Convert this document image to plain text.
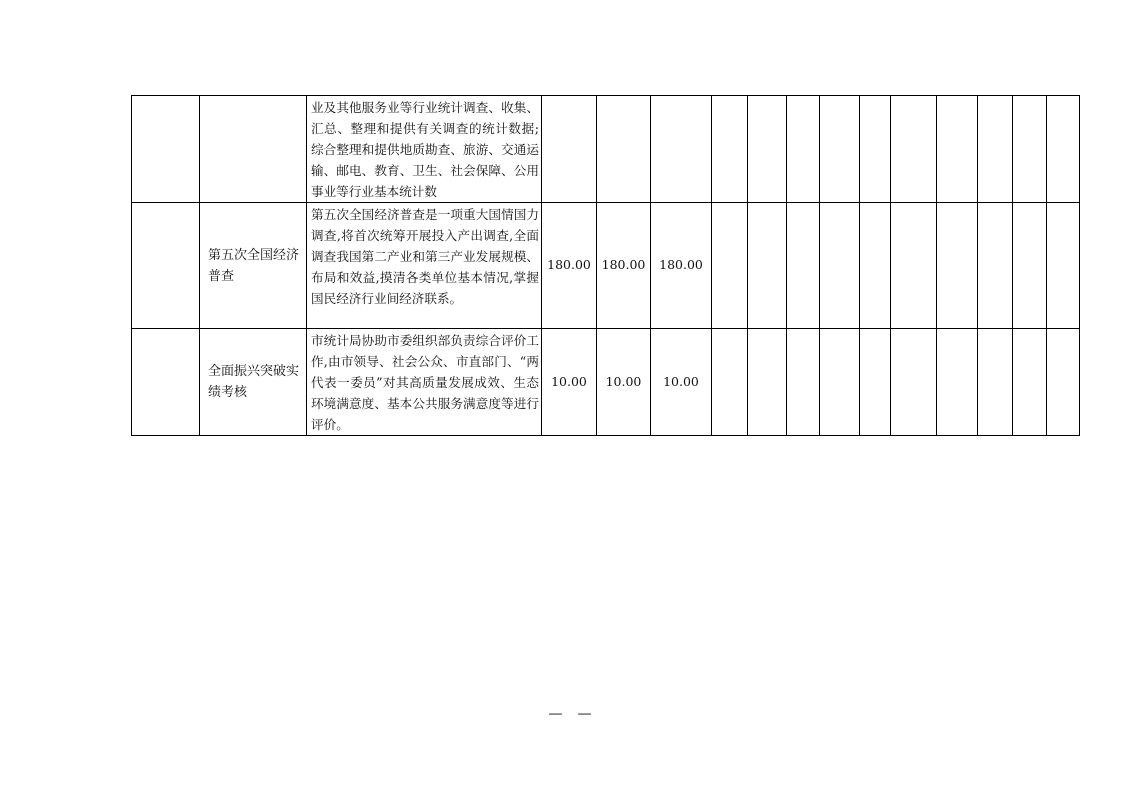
		业及其他服务业等行业统计调查、收集、汇总、整理和提供有关调查的统计数据;综合整理和提供地质勘查、旅游、交通运输、邮电、教育、卫生、社会保障、公用事业等行业基本统计数													
	第五次全国经济普查	第五次全国经济普查是一项重大国情国力调查,将首次统筹开展投入产出调查,全面调查我国第二产业和第三产业发展规模、布局和效益,摸清各类单位基本情况,掌握国民经济行业间经济联系。	180.00	180.00	180.00										
	全面振兴突破实绩考核	市统计局协助市委组织部负责综合评价工作,由市领导、社会公众、市直部门、“两代表一委员”对其高质量发展成效、生态环境满意度、基本公共服务满意度等进行评价。	10.00	10.00	10.00										
—  —
